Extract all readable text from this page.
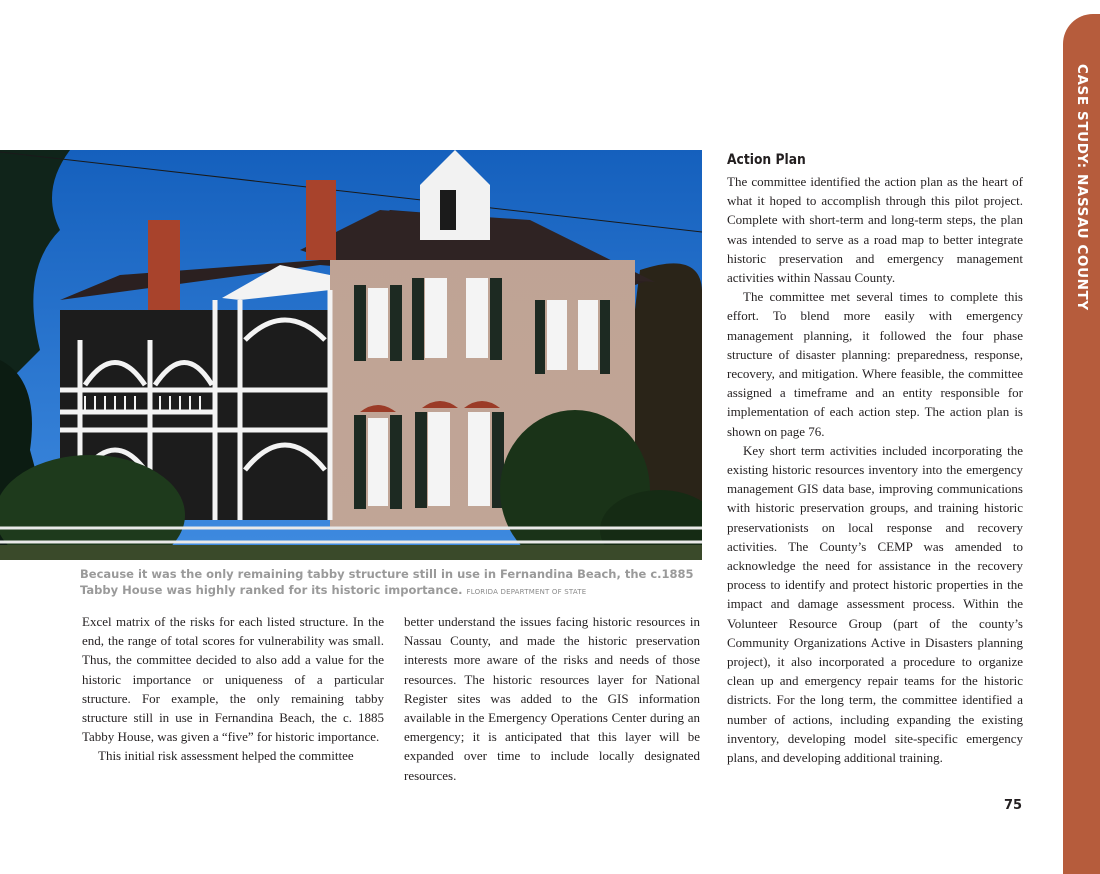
Because it was the only remaining tabby structure still in use in Fernandina Beach, the c.1885 Tabby House was highly ranked for its historic importance. FLORIDA DEPARTMENT OF STATE

Excel matrix of the risks for each listed structure. In the end, the range of total scores for vulnerability was small. Thus, the committee decided to also add a value for the historic importance or uniqueness of a particular structure. For example, the only remaining tabby structure still in use in Fernandina Beach, the c. 1885 Tabby House, was given a “five” for historic importance.

This initial risk assessment helped the committee

better understand the issues facing historic resources in Nassau County, and made the historic preservation interests more aware of the risks and needs of those resources. The historic resources layer for National Register sites was added to the GIS information available in the Emergency Operations Center during an emergency; it is anticipated that this layer will be expanded over time to include locally designated resources.

Action Plan

The committee identified the action plan as the heart of what it hoped to accomplish through this pilot project. Complete with short-term and long-term steps, the plan was intended to serve as a road map to better integrate historic preservation and emergency management activities within Nassau County.

The committee met several times to complete this effort. To blend more easily with emergency management planning, it followed the four phase structure of disaster planning: preparedness, response, recovery, and mitigation. Where feasible, the committee assigned a timeframe and an entity responsible for implementation of each action step. The action plan is shown on page 76.

Key short term activities included incorporating the existing historic resources inventory into the emergency management GIS data base, improving communications with historic preservation groups, and training historic preservationists on local response and recovery activities. The County’s CEMP was amended to acknowledge the need for assistance in the recovery process to identify and protect historic properties in the impact and damage assessment process. Within the Volunteer Resource Group (part of the county’s Community Organizations Active in Disasters planning project), it also incorporated a procedure to organize clean up and emergency repair teams for the historic districts. For the long term, the committee identified a number of actions, including expanding the existing inventory, developing model site-specific emergency plans, and developing additional training.

CASE STUDY: NASSAU COUNTY
75
